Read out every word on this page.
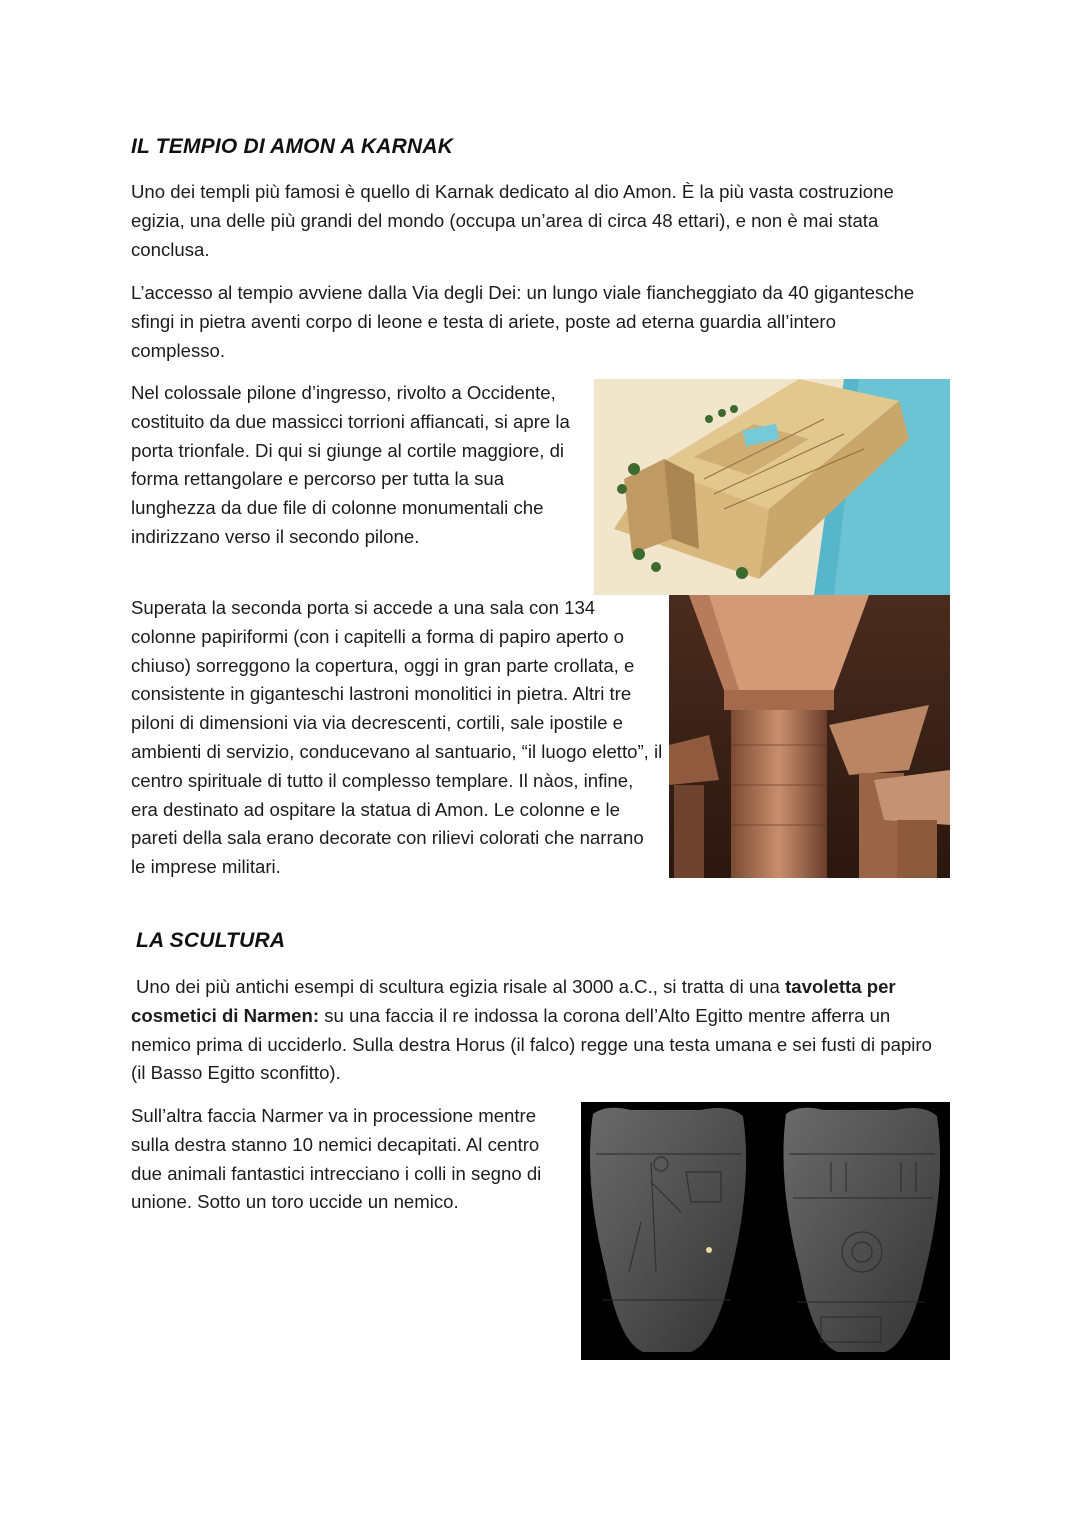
IL TEMPIO DI AMON A KARNAK

Uno dei templi più famosi è quello di Karnak dedicato al dio Amon. È la più vasta costruzione egizia, una delle più grandi del mondo (occupa un’area di circa 48 ettari), e non è mai stata conclusa.

L’accesso al tempio avviene dalla Via degli Dei: un lungo viale fiancheggiato da 40 gigantesche sfingi in pietra aventi corpo di leone e testa di ariete, poste ad eterna guardia all’intero complesso.

Nel colossale pilone d’ingresso, rivolto a Occidente, costituito da due massicci torrioni affiancati, si apre la porta trionfale. Di qui si giunge al cortile maggiore, di forma rettangolare e percorso per tutta la sua lunghezza da due file di colonne monumentali che indirizzano verso il secondo pilone.

Superata la seconda porta si accede a una sala con 134 colonne papiriformi (con i capitelli a forma di papiro aperto o chiuso) sorreggono la copertura, oggi in gran parte crollata, e consistente in giganteschi lastroni monolitici in pietra. Altri tre piloni di dimensioni via via decrescenti, cortili, sale ipostile e ambienti di servizio, conducevano al santuario, “il luogo eletto”, il centro spirituale di tutto il complesso templare. Il nàos, infine, era destinato ad ospitare la statua di Amon. Le colonne e le pareti della sala erano decorate con rilievi colorati che narrano le imprese militari.

LA SCULTURA

Uno dei più antichi esempi di scultura egizia risale al 3000 a.C., si tratta di una tavoletta per cosmetici di Narmen: su una faccia il re indossa la corona dell’Alto Egitto mentre afferra un nemico prima di ucciderlo. Sulla destra Horus (il falco) regge una testa umana e sei fusti di papiro (il Basso Egitto sconfitto).

Sull’altra faccia Narmer va in processione mentre sulla destra stanno 10 nemici decapitati. Al centro due animali fantastici intrecciano i colli in segno di unione. Sotto un toro uccide un nemico.
